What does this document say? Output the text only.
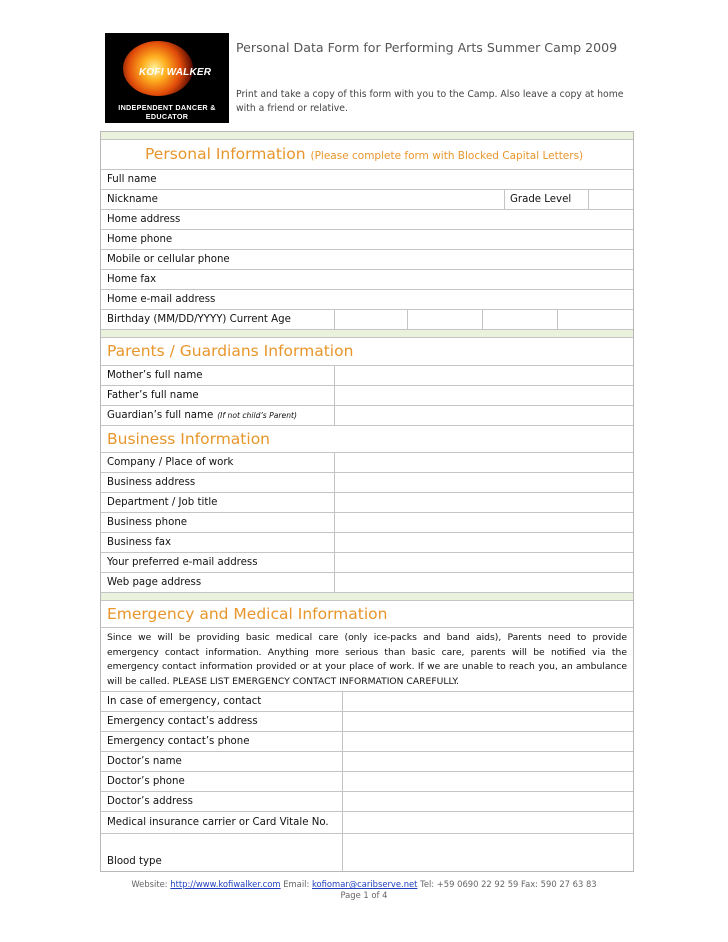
KOFI WALKER
INDEPENDENT DANCER & EDUCATOR
Personal Data Form for Performing Arts Summer Camp 2009
Print and take a copy of this form with you to the Camp. Also leave a copy at home with a friend or relative.
Personal Information (Please complete form with Blocked Capital Letters)
Full name
Nickname	Grade Level
Home address
Home phone
Mobile or cellular phone
Home fax
Home e-mail address
Birthday (MM/DD/YYYY) Current Age
Parents / Guardians Information
Mother’s full name
Father’s full name
Guardian’s full name (If not child’s Parent)
Business Information
Company / Place of work
Business address
Department / Job title
Business phone
Business fax
Your preferred e-mail address
Web page address
Emergency and Medical Information
Since we will be providing basic medical care (only ice-packs and band aids), Parents need to provide emergency contact information. Anything more serious than basic care, parents will be notified via the emergency contact information provided or at your place of work. If we are unable to reach you, an ambulance will be called. PLEASE LIST EMERGENCY CONTACT INFORMATION CAREFULLY.
In case of emergency, contact
Emergency contact’s address
Emergency contact’s phone
Doctor’s name
Doctor’s phone
Doctor’s address
Medical insurance carrier or Card Vitale No.
Blood type
Website: http://www.kofiwalker.com Email: kofiomar@caribserve.net Tel: +59 0690 22 92 59 Fax: 590 27 63 83
Page 1 of 4
